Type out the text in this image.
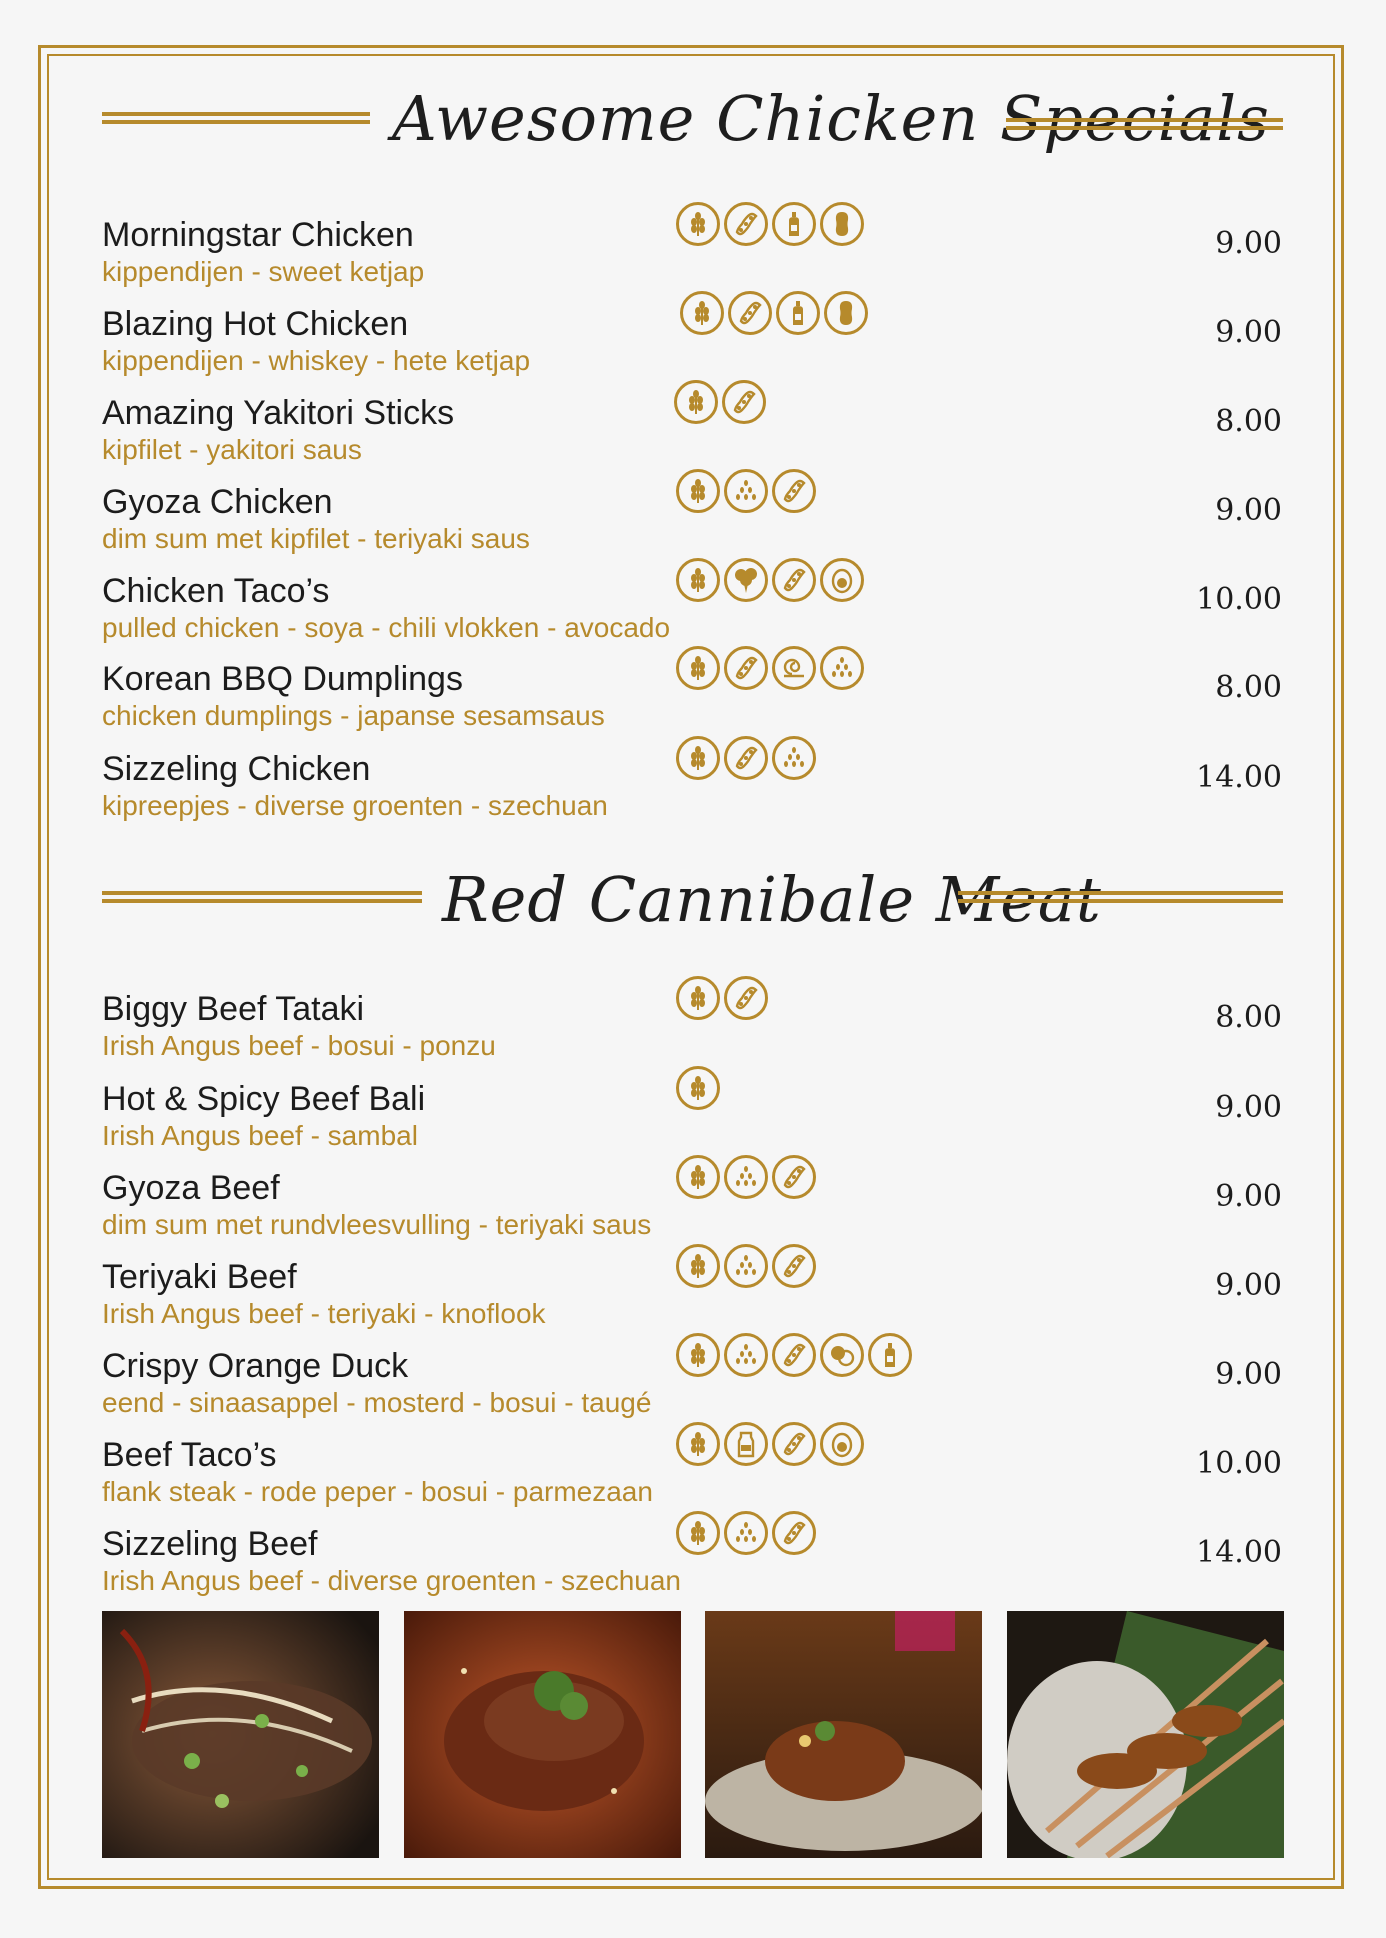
Awesome Chicken Specials
Red Cannibale Meat
Morningstar Chicken
kippendijen - sweet ketjap
9.00
Blazing Hot Chicken
kippendijen - whiskey - hete ketjap
9.00
Amazing Yakitori Sticks
kipfilet - yakitori saus
8.00
Gyoza Chicken
dim sum met kipfilet - teriyaki saus
9.00
Chicken Taco’s
pulled chicken - soya - chili vlokken - avocado
10.00
Korean BBQ Dumplings
chicken dumplings - japanse sesamsaus
8.00
Sizzeling Chicken
kipreepjes - diverse groenten - szechuan
14.00
Biggy Beef Tataki
Irish Angus beef - bosui - ponzu
8.00
Hot & Spicy Beef Bali
Irish Angus beef - sambal
9.00
Gyoza Beef
dim sum met rundvleesvulling - teriyaki saus
9.00
Teriyaki Beef
Irish Angus beef - teriyaki - knoflook
9.00
Crispy Orange Duck
eend - sinaasappel - mosterd - bosui - taugé
9.00
Beef Taco’s
flank steak - rode peper - bosui - parmezaan
10.00
Sizzeling Beef
Irish Angus beef - diverse groenten - szechuan
14.00
